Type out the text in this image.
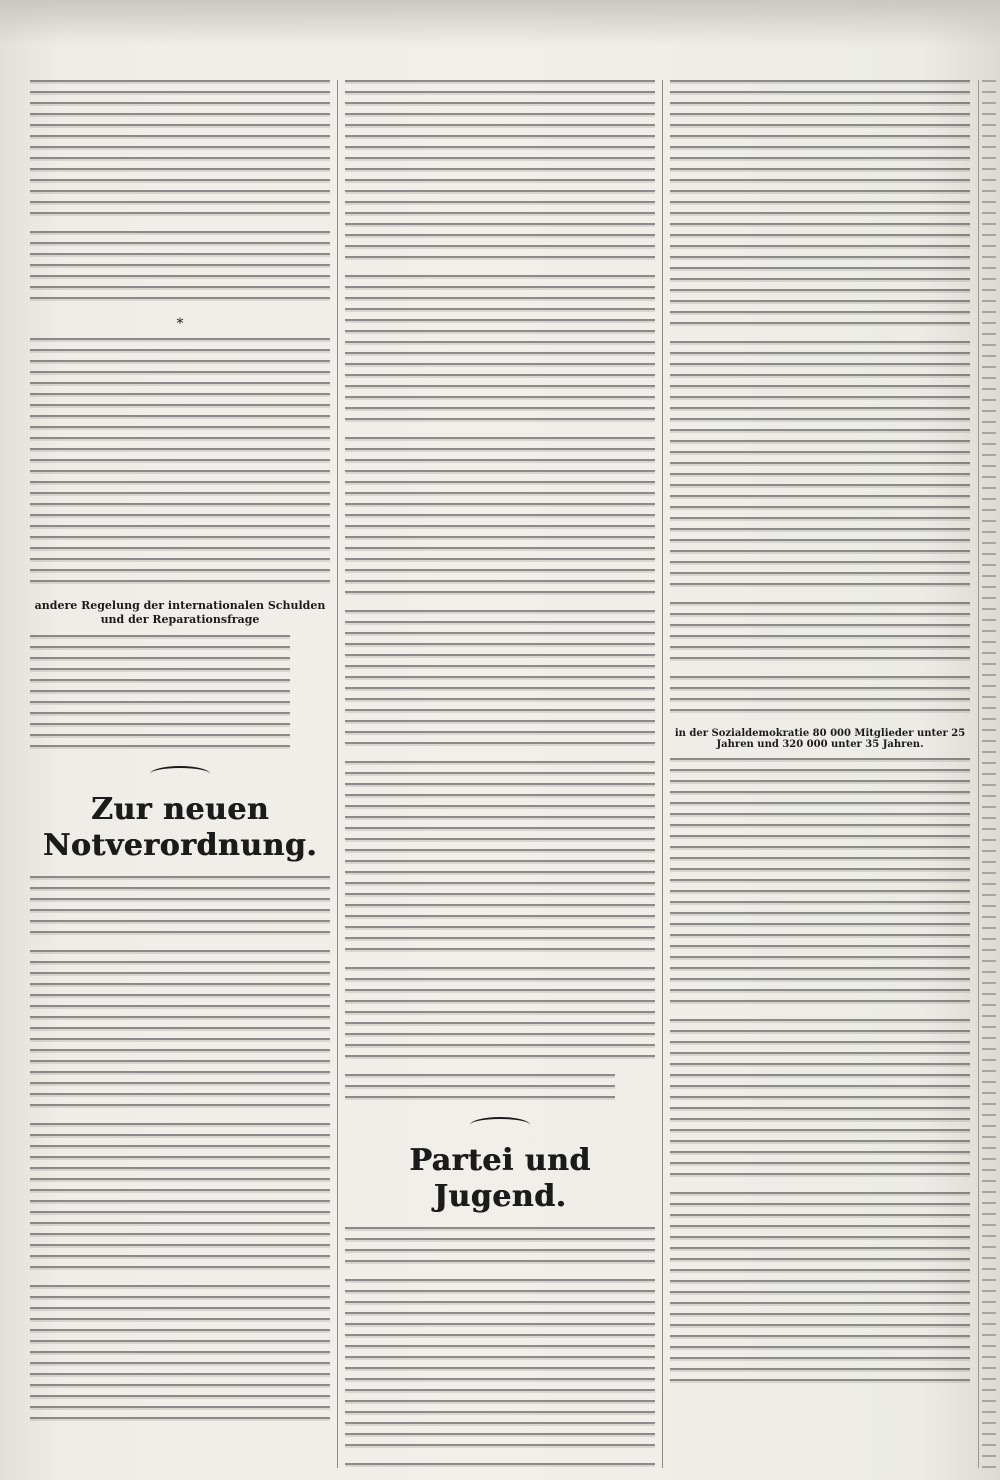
*
andere Regelung der internationalen Schulden und der Reparationsfrage
Zur neuen Notverordnung.
Partei und Jugend.

in der Sozialdemokratie 80 000 Mitglieder unter 25 Jahren und 320 000 unter 35 Jahren.
